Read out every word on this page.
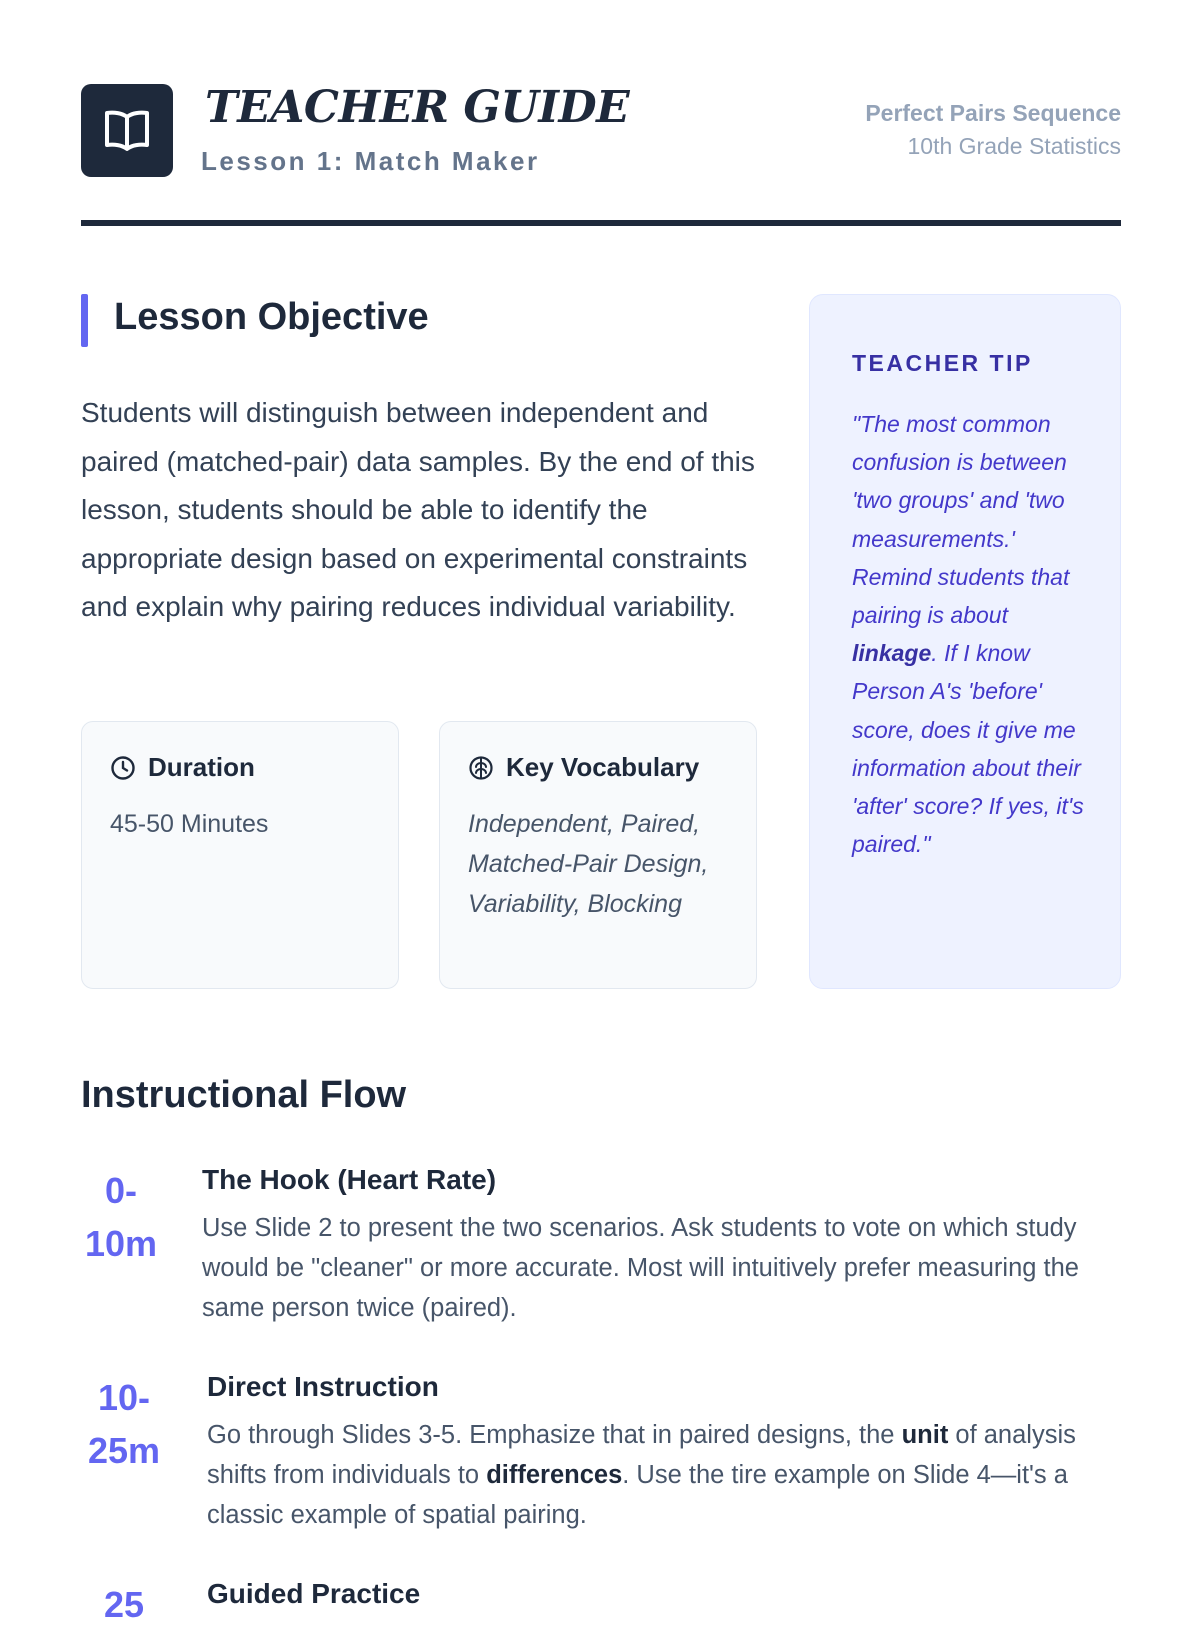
TEACHER GUIDE
Lesson 1: Match Maker
Perfect Pairs Sequence
10th Grade Statistics
Lesson Objective
Students will distinguish between independent and paired (matched-pair) data samples. By the end of this lesson, students should be able to identify the appropriate design based on experimental constraints and explain why pairing reduces individual variability.
Duration
45-50 Minutes
Key Vocabulary
Independent, Paired, Matched-Pair Design, Variability, Blocking
TEACHER TIP
"The most common confusion is between 'two groups' and 'two measurements.' Remind students that pairing is about linkage. If I know Person A's 'before' score, does it give me information about their 'after' score? If yes, it's paired."
Instructional Flow
0-
10m
The Hook (Heart Rate)
Use Slide 2 to present the two scenarios. Ask students to vote on which study would be "cleaner" or more accurate. Most will intuitively prefer measuring the same person twice (paired).
10-
25m
Direct Instruction
Go through Slides 3-5. Emphasize that in paired designs, the unit of analysis shifts from individuals to differences. Use the tire example on Slide 4—it's a classic example of spatial pairing.
25	Guided Practice
